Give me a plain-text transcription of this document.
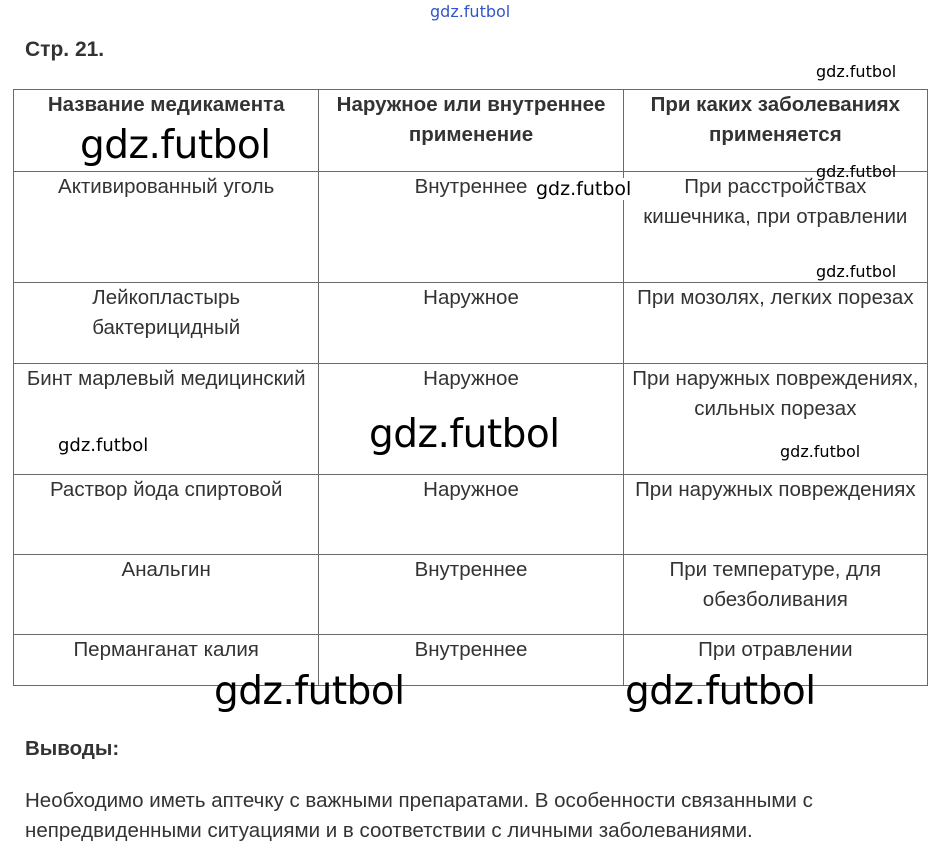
gdz.futbol
Стр. 21.
Название медикамента	Наружное или внутреннее применение	При каких заболеваниях применяется
Активированный уголь	Внутреннее	При расстройствах кишечника, при отравлении
Лейкопластырь бактерицидный	Наружное	При мозолях, легких порезах
Бинт марлевый медицинский	Наружное	При наружных повреждениях, сильных порезах
Раствор йода спиртовой	Наружное	При наружных повреждениях
Анальгин	Внутреннее	При температуре, для обезболивания
Перманганат калия	Внутреннее	При отравлении
gdz.futbol
gdz.futbol
gdz.futbol
gdz.futbol
gdz.futbol
gdz.futbol	gdz.futbol	gdz.futbol
gdz.futbol	gdz.futbol
Выводы:
Необходимо иметь аптечку с важными препаратами. В особенности связанными с непредвиденными ситуациями и в соответствии с личными заболеваниями.
